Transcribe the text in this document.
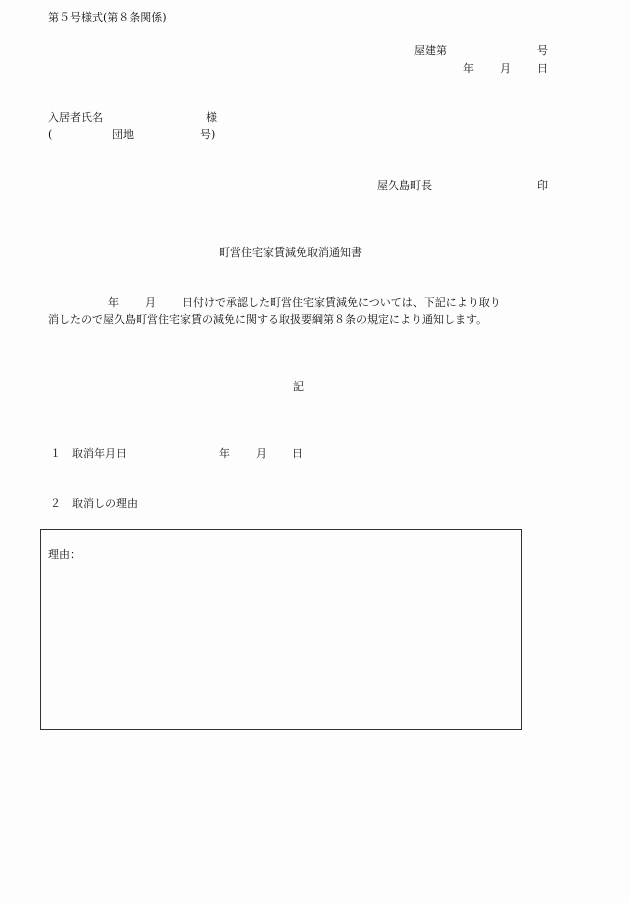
第５号様式(第８条関係)
屋建第	号
年 月 日
入居者氏名	様
(	団地	号)
屋久島町長	印
町営住宅家賃減免取消通知書
年 月 日付けで承認した町営住宅家賃減免については、下記により取り
消したので屋久島町営住宅家賃の減免に関する取扱要綱第８条の規定により通知します。
記
１ 取消年月日	年 月 日
２ 取消しの理由
理由：
